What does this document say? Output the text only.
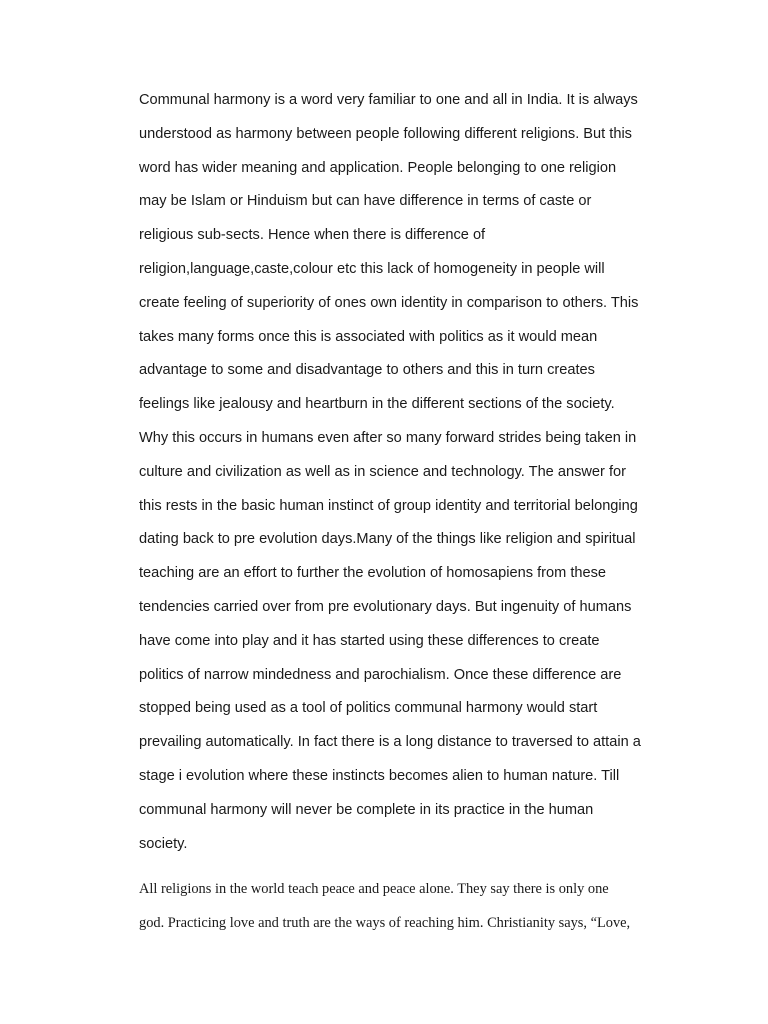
Communal harmony is a word very familiar to one and all in India. It is always
understood as harmony between people following different religions. But this
word has wider meaning and application. People belonging to one religion
may be Islam or Hinduism but can have difference in terms of caste or
religious sub-sects. Hence when there is difference of
religion,language,caste,colour etc this lack of homogeneity in people will
create feeling of superiority of ones own identity in comparison to others. This
takes many forms once this is associated with politics as it would mean
advantage to some and disadvantage to others and this in turn creates
feelings like jealousy and heartburn in the different sections of the society.
Why this occurs in humans even after so many forward strides being taken in
culture and civilization as well as in science and technology. The answer for
this rests in the basic human instinct of group identity and territorial belonging
dating back to pre evolution days.Many of the things like religion and spiritual
teaching are an effort to further the evolution of homosapiens from these
tendencies carried over from pre evolutionary days. But ingenuity of humans
have come into play and it has started using these differences to create
politics of narrow mindedness and parochialism. Once these difference are
stopped being used as a tool of politics communal harmony would start
prevailing automatically. In fact there is a long distance to traversed to attain a
stage i evolution where these instincts becomes alien to human nature. Till
communal harmony will never be complete in its practice in the human
society.

All religions in the world teach peace and peace alone. They say there is only one
god. Practicing love and truth are the ways of reaching him. Christianity says, “Love,
